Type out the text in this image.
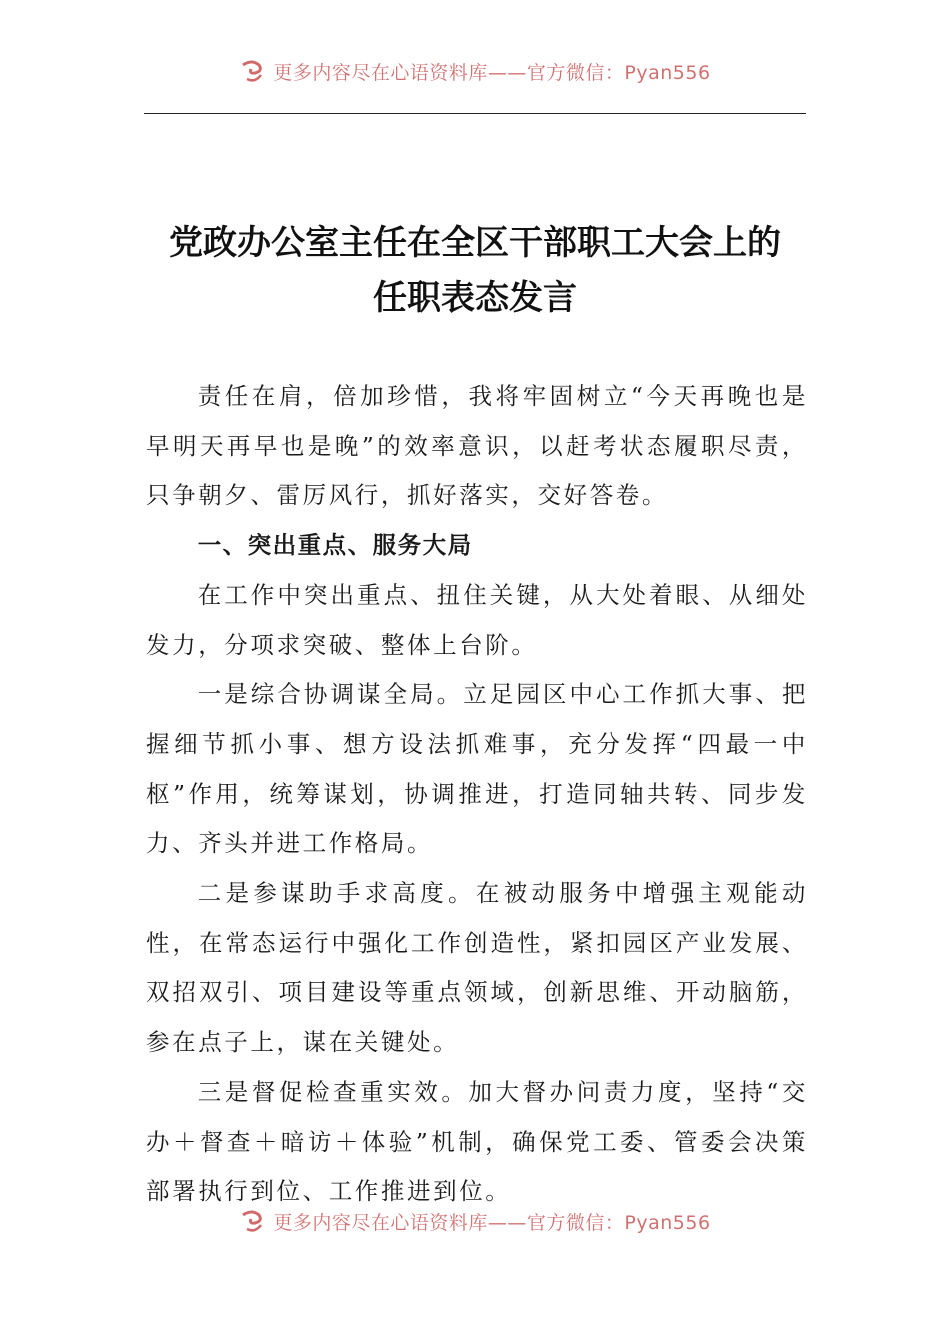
更多内容尽在心语资料库——官方微信：Pyan556
党政办公室主任在全区干部职工大会上的
任职表态发言

责任在肩，倍加珍惜，我将牢固树立“今天再晚也是早明天再早也是晚”的效率意识，以赶考状态履职尽责，只争朝夕、雷厉风行，抓好落实，交好答卷。

一、突出重点、服务大局

在工作中突出重点、扭住关键，从大处着眼、从细处发力，分项求突破、整体上台阶。

一是综合协调谋全局。立足园区中心工作抓大事、把握细节抓小事、想方设法抓难事，充分发挥“四最一中枢”作用，统筹谋划，协调推进，打造同轴共转、同步发力、齐头并进工作格局。

二是参谋助手求高度。在被动服务中增强主观能动性，在常态运行中强化工作创造性，紧扣园区产业发展、双招双引、项目建设等重点领域，创新思维、开动脑筋，参在点子上，谋在关键处。

三是督促检查重实效。加大督办问责力度，坚持“交办＋督查＋暗访＋体验”机制，确保党工委、管委会决策部署执行到位、工作推进到位。

更多内容尽在心语资料库——官方微信：Pyan556
